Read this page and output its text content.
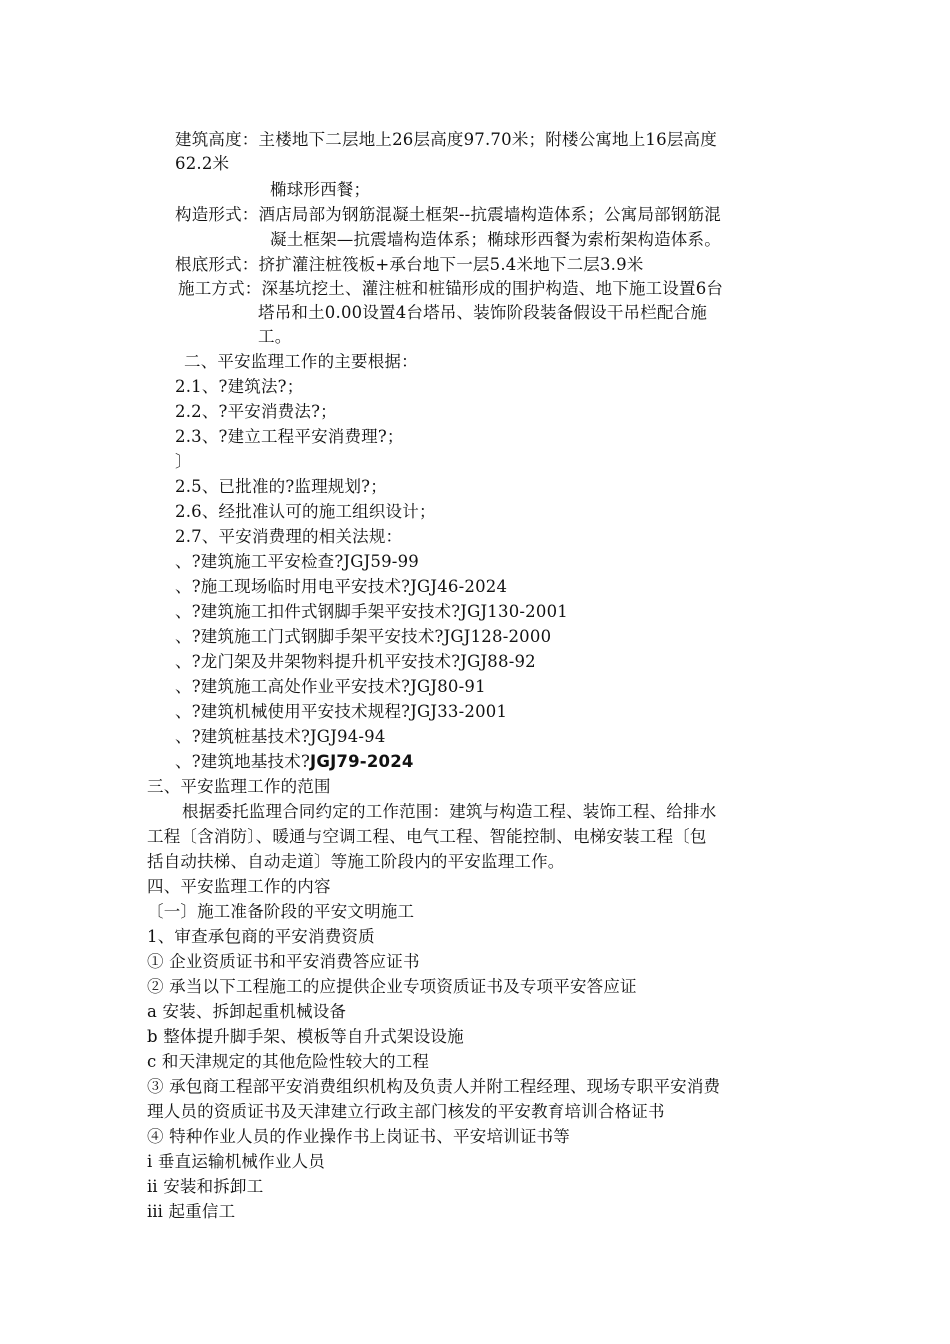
建筑高度：主楼地下二层地上26层高度97.70米；附楼公寓地上16层高度
62.2米
椭球形西餐；
构造形式：酒店局部为钢筋混凝土框架--抗震墙构造体系；公寓局部钢筋混
凝土框架—抗震墙构造体系；椭球形西餐为索桁架构造体系。
根底形式：挤扩灌注桩筏板+承台地下一层5.4米地下二层3.9米
施工方式：深基坑挖土、灌注桩和桩锚形成的围护构造、地下施工设置6台
塔吊和土0.00设置4台塔吊、装饰阶段装备假设干吊栏配合施
工。
二、平安监理工作的主要根据：
2.1、?建筑法?；
2.2、?平安消费法?；
2.3、?建立工程平安消费理?；
〕
2.5、已批准的?监理规划?；
2.6、经批准认可的施工组织设计；
2.7、平安消费理的相关法规：
、?建筑施工平安检查?JGJ59-99
、?施工现场临时用电平安技术?JGJ46-2024
、?建筑施工扣件式钢脚手架平安技术?JGJ130-2001
、?建筑施工门式钢脚手架平安技术?JGJ128-2000
、?龙门架及井架物料提升机平安技术?JGJ88-92
、?建筑施工高处作业平安技术?JGJ80-91
、?建筑机械使用平安技术规程?JGJ33-2001
、?建筑桩基技术?JGJ94-94
、?建筑地基技术?JGJ79-2024
三、平安监理工作的范围
根据委托监理合同约定的工作范围：建筑与构造工程、装饰工程、给排水
工程〔含消防〕、暖通与空调工程、电气工程、智能控制、电梯安装工程〔包
括自动扶梯、自动走道〕等施工阶段内的平安监理工作。
四、平安监理工作的内容
〔一〕施工准备阶段的平安文明施工
1、审查承包商的平安消费资质
① 企业资质证书和平安消费答应证书
② 承当以下工程施工的应提供企业专项资质证书及专项平安答应证
a 安装、拆卸起重机械设备
b 整体提升脚手架、模板等自升式架设设施
c 和天津规定的其他危险性较大的工程
③ 承包商工程部平安消费组织机构及负责人并附工程经理、现场专职平安消费
理人员的资质证书及天津建立行政主部门核发的平安教育培训合格证书
④ 特种作业人员的作业操作书上岗证书、平安培训证书等
ⅰ 垂直运输机械作业人员
ⅱ 安装和拆卸工
ⅲ 起重信工
